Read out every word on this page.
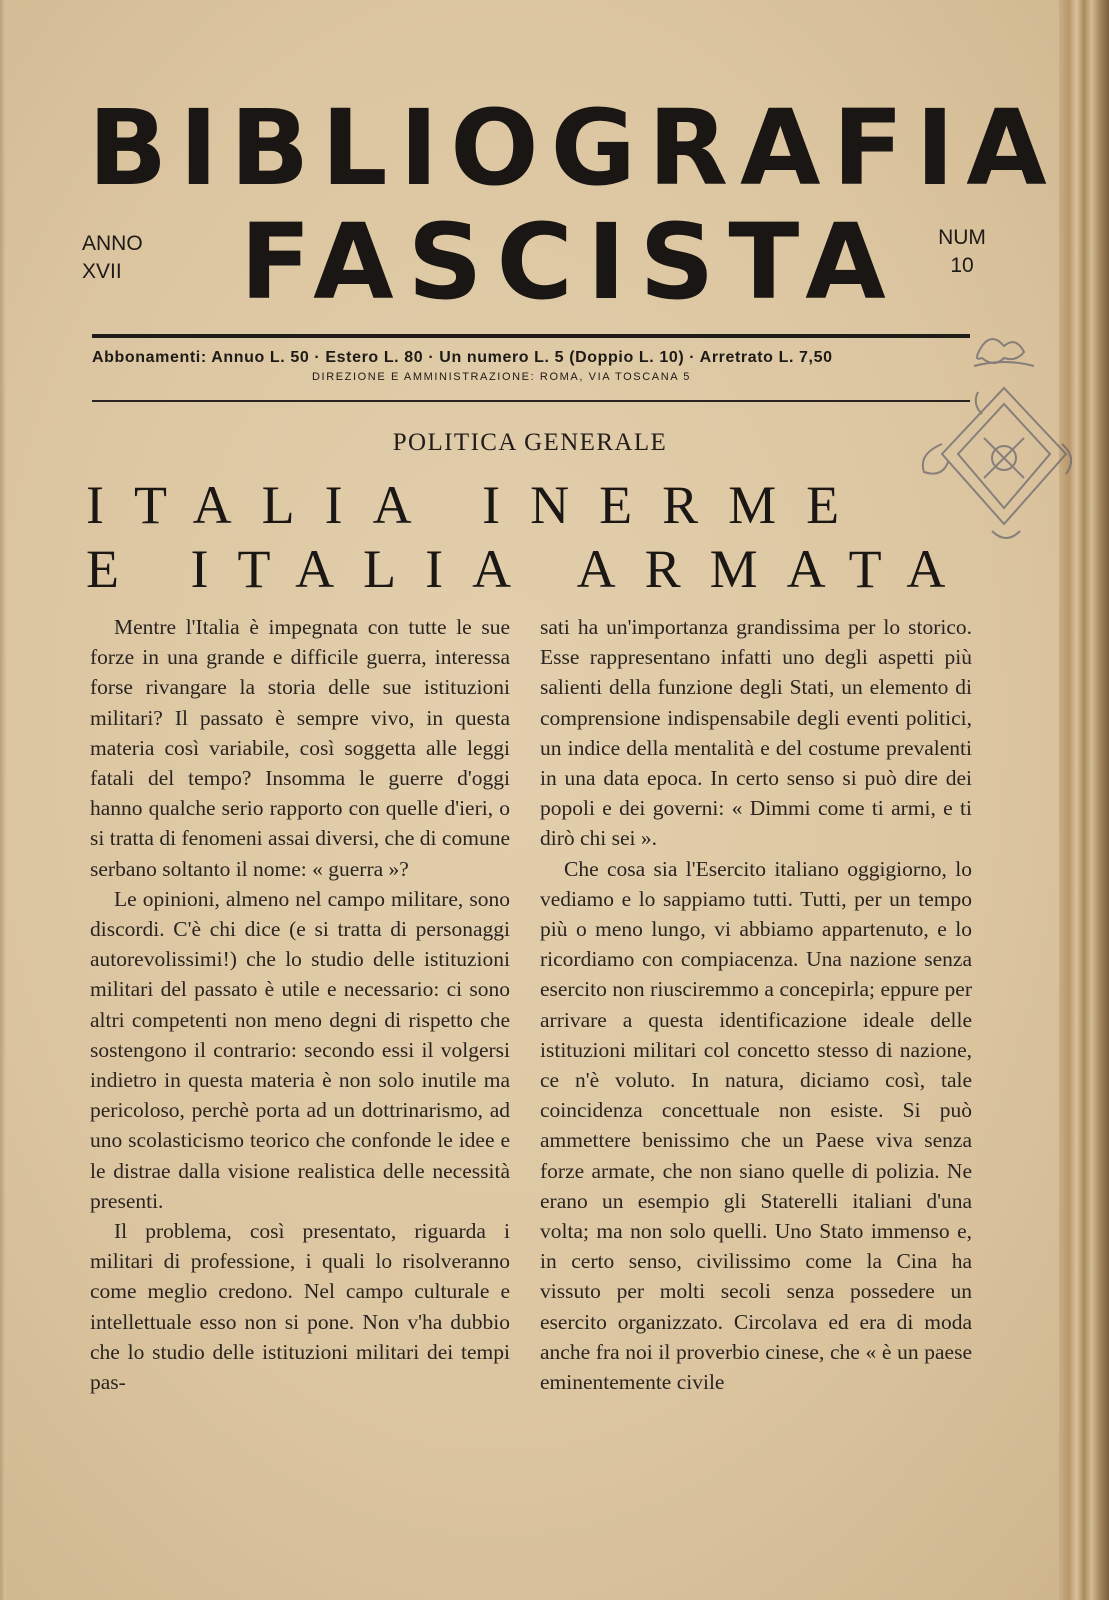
BIBLIOGRAFIA
ANNO
XVII	FASCISTA NUM
10
Abbonamenti: Annuo L. 50 · Estero L. 80 · Un numero L. 5 (Doppio L. 10) · Arretrato L. 7,50
DIREZIONE E AMMINISTRAZIONE: ROMA, VIA TOSCANA 5
POLITICA GENERALE
ITALIA INERME
E ITALIA ARMATA

Mentre l'Italia è impegnata con tutte le sue forze in una grande e difficile guerra, interessa forse rivangare la storia delle sue istituzioni militari? Il passato è sempre vivo, in questa materia così variabile, così soggetta alle leggi fatali del tempo? Insomma le guerre d'oggi hanno qualche serio rapporto con quelle d'ieri, o si tratta di fenomeni assai diversi, che di comune serbano soltanto il nome: « guerra »?

Le opinioni, almeno nel campo militare, sono discordi. C'è chi dice (e si tratta di personaggi autorevolissimi!) che lo studio delle istituzioni militari del passato è utile e necessario: ci sono altri competenti non meno degni di rispetto che sostengono il contrario: secondo essi il volgersi indietro in questa materia è non solo inutile ma pericoloso, perchè porta ad un dottrinarismo, ad uno scolasticismo teorico che confonde le idee e le distrae dalla visione realistica delle necessità presenti.

Il problema, così presentato, riguarda i militari di professione, i quali lo risolveranno come meglio credono. Nel campo culturale e intellettuale esso non si pone. Non v'ha dubbio che lo studio delle istituzioni militari dei tempi pas-

sati ha un'importanza grandissima per lo storico. Esse rappresentano infatti uno degli aspetti più salienti della funzione degli Stati, un elemento di comprensione indispensabile degli eventi politici, un indice della mentalità e del costume prevalenti in una data epoca. In certo senso si può dire dei popoli e dei governi: « Dimmi come ti armi, e ti dirò chi sei ».

Che cosa sia l'Esercito italiano oggigiorno, lo vediamo e lo sappiamo tutti. Tutti, per un tempo più o meno lungo, vi abbiamo appartenuto, e lo ricordiamo con compiacenza. Una nazione senza esercito non riusciremmo a concepirla; eppure per arrivare a questa identificazione ideale delle istituzioni militari col concetto stesso di nazione, ce n'è voluto. In natura, diciamo così, tale coincidenza concettuale non esiste. Si può ammettere benissimo che un Paese viva senza forze armate, che non siano quelle di polizia. Ne erano un esempio gli Staterelli italiani d'una volta; ma non solo quelli. Uno Stato immenso e, in certo senso, civilissimo come la Cina ha vissuto per molti secoli senza possedere un esercito organizzato. Circolava ed era di moda anche fra noi il proverbio cinese, che « è un paese eminentemente civile
